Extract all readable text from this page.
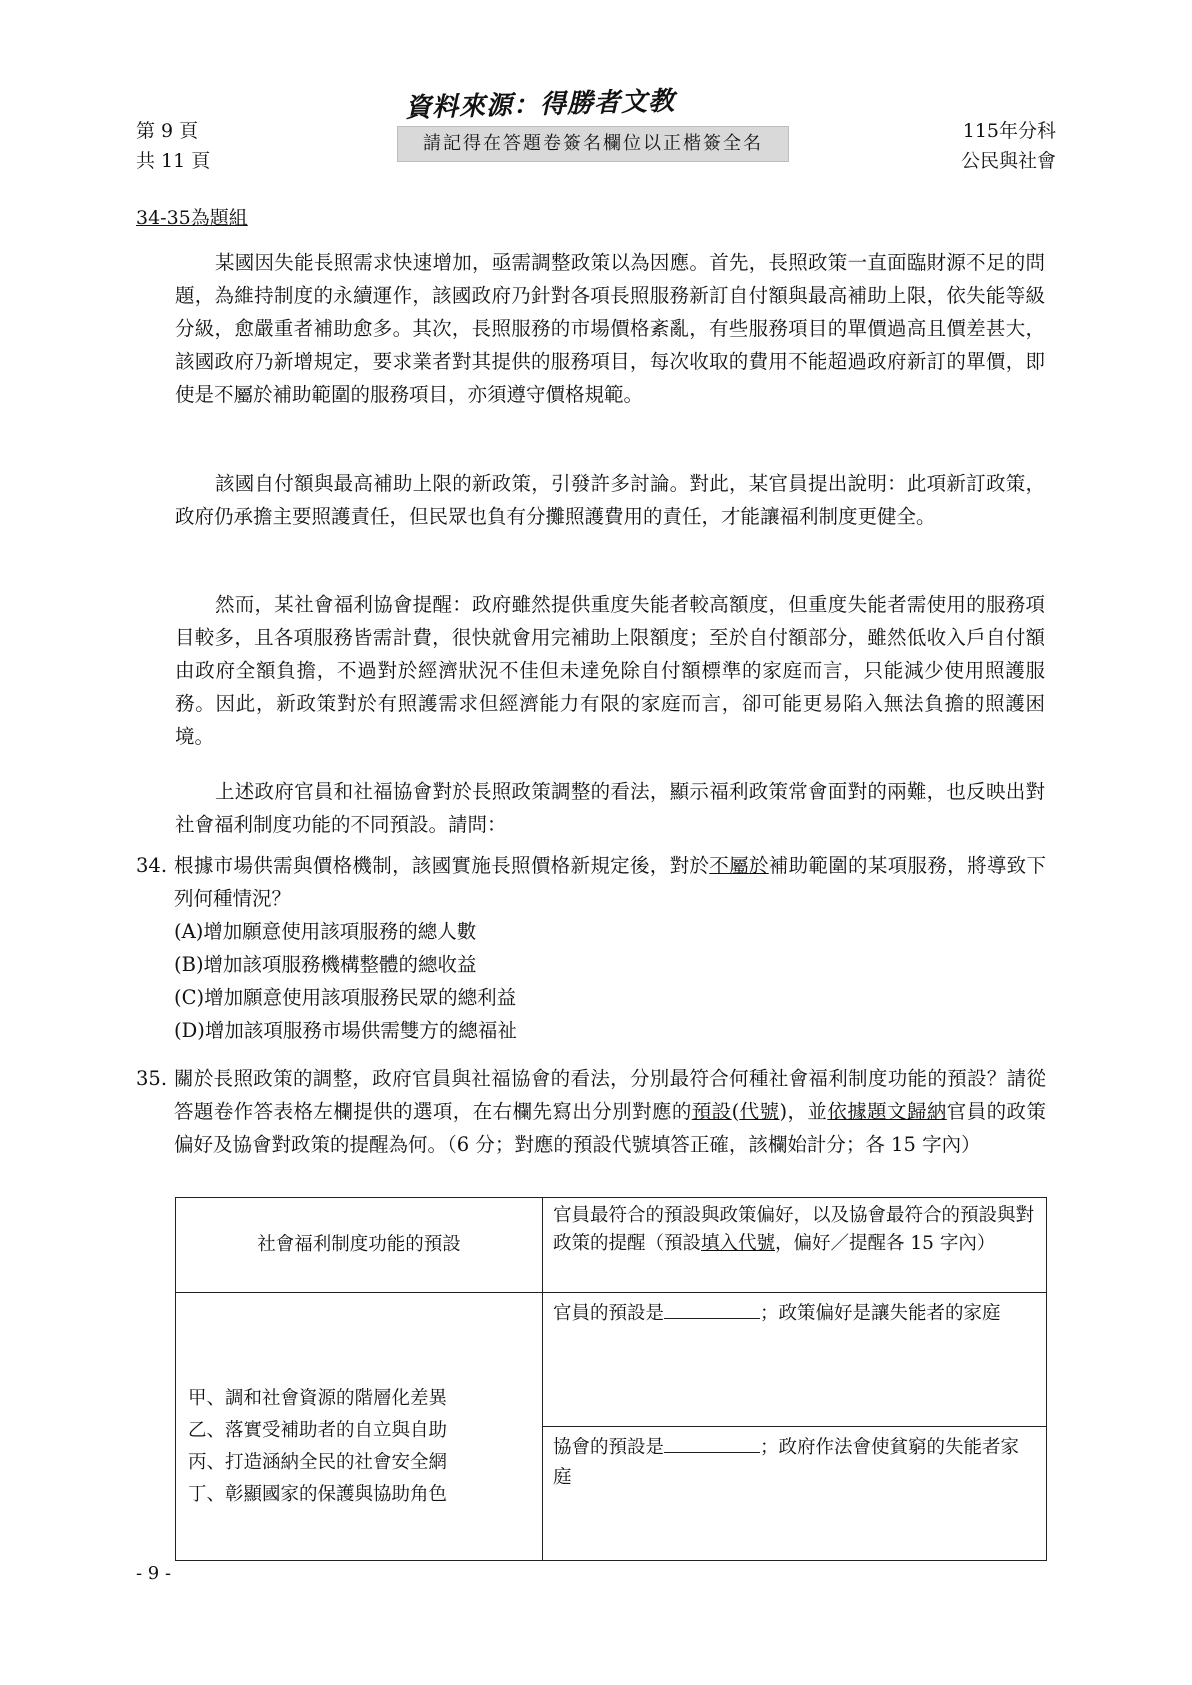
第 9 頁
共 11 頁
資料來源：得勝者文教
請記得在答題卷簽名欄位以正楷簽全名
115年分科
公民與社會
34-35為題組

某國因失能長照需求快速增加，亟需調整政策以為因應。首先，長照政策一直面臨財源不足的問題，為維持制度的永續運作，該國政府乃針對各項長照服務新訂自付額與最高補助上限，依失能等級分級，愈嚴重者補助愈多。其次，長照服務的市場價格紊亂，有些服務項目的單價過高且價差甚大，該國政府乃新增規定，要求業者對其提供的服務項目，每次收取的費用不能超過政府新訂的單價，即使是不屬於補助範圍的服務項目，亦須遵守價格規範。

該國自付額與最高補助上限的新政策，引發許多討論。對此，某官員提出說明：此項新訂政策，政府仍承擔主要照護責任，但民眾也負有分攤照護費用的責任，才能讓福利制度更健全。

然而，某社會福利協會提醒：政府雖然提供重度失能者較高額度，但重度失能者需使用的服務項目較多，且各項服務皆需計費，很快就會用完補助上限額度；至於自付額部分，雖然低收入戶自付額由政府全額負擔，不過對於經濟狀況不佳但未達免除自付額標準的家庭而言，只能減少使用照護服務。因此，新政策對於有照護需求但經濟能力有限的家庭而言，卻可能更易陷入無法負擔的照護困境。

上述政府官員和社福協會對於長照政策調整的看法，顯示福利政策常會面對的兩難，也反映出對社會福利制度功能的不同預設。請問：

34. 根據市場供需與價格機制，該國實施長照價格新規定後，對於不屬於補助範圍的某項服務，將導致下列何種情況？
(A)增加願意使用該項服務的總人數
(B)增加該項服務機構整體的總收益
(C)增加願意使用該項服務民眾的總利益
(D)增加該項服務市場供需雙方的總福祉
35. 關於長照政策的調整，政府官員與社福協會的看法，分別最符合何種社會福利制度功能的預設？請從答題卷作答表格左欄提供的選項，在右欄先寫出分別對應的預設(代號)，並依據題文歸納官員的政策偏好及協會對政策的提醒為何。（6 分；對應的預設代號填答正確，該欄始計分；各 15 字內）
社會福利制度功能的預設	官員最符合的預設與政策偏好，以及協會最符合的預設與對政策的提醒（預設填入代號，偏好／提醒各 15 字內）

甲、調和社會資源的階層化差異
乙、落實受補助者的自立與自助
丙、打造涵納全民的社會安全網
丁、彰顯國家的保護與協助角色	官員的預設是 ；政策偏好是讓失能者的家庭
	協會的預設是 ；政府作法會使貧窮的失能者家庭
- 9 -
